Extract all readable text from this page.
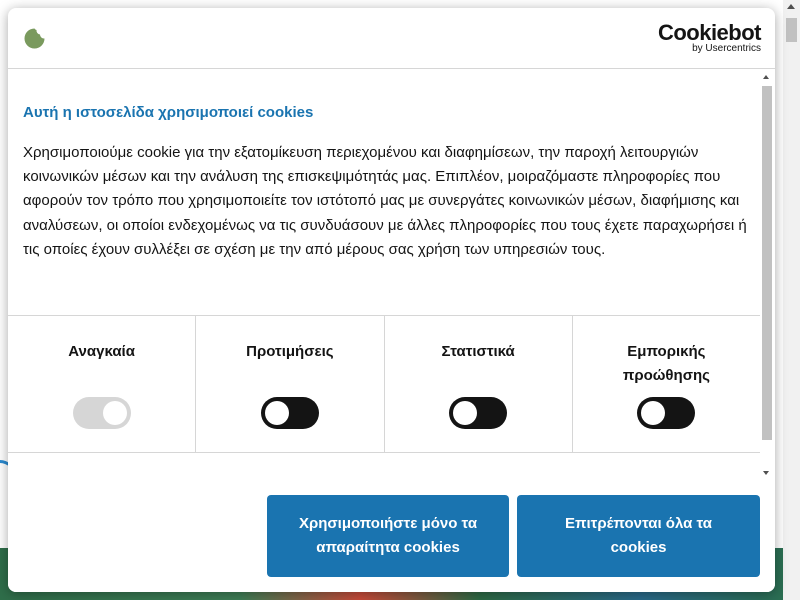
Cookiebot
by Usercentrics
Αυτή η ιστοσελίδα χρησιμοποιεί cookies
Χρησιμοποιούμε cookie για την εξατομίκευση περιεχομένου και διαφημίσεων, την παροχή λειτουργιών κοινωνικών μέσων και την ανάλυση της επισκεψιμότητάς μας. Επιπλέον, μοιραζόμαστε πληροφορίες που αφορούν τον τρόπο που χρησιμοποιείτε τον ιστότοπό μας με συνεργάτες κοινωνικών μέσων, διαφήμισης και αναλύσεων, οι οποίοι ενδεχομένως να τις συνδυάσουν με άλλες πληροφορίες που τους έχετε παραχωρήσει ή τις οποίες έχουν συλλέξει σε σχέση με την από μέρους σας χρήση των υπηρεσιών τους.
Αναγκαία	Προτιμήσεις	Στατιστικά	Εμπορικής προώθησης
Χρησιμοποιήστε μόνο τα απαραίτητα cookies
Επιτρέπονται όλα τα cookies
